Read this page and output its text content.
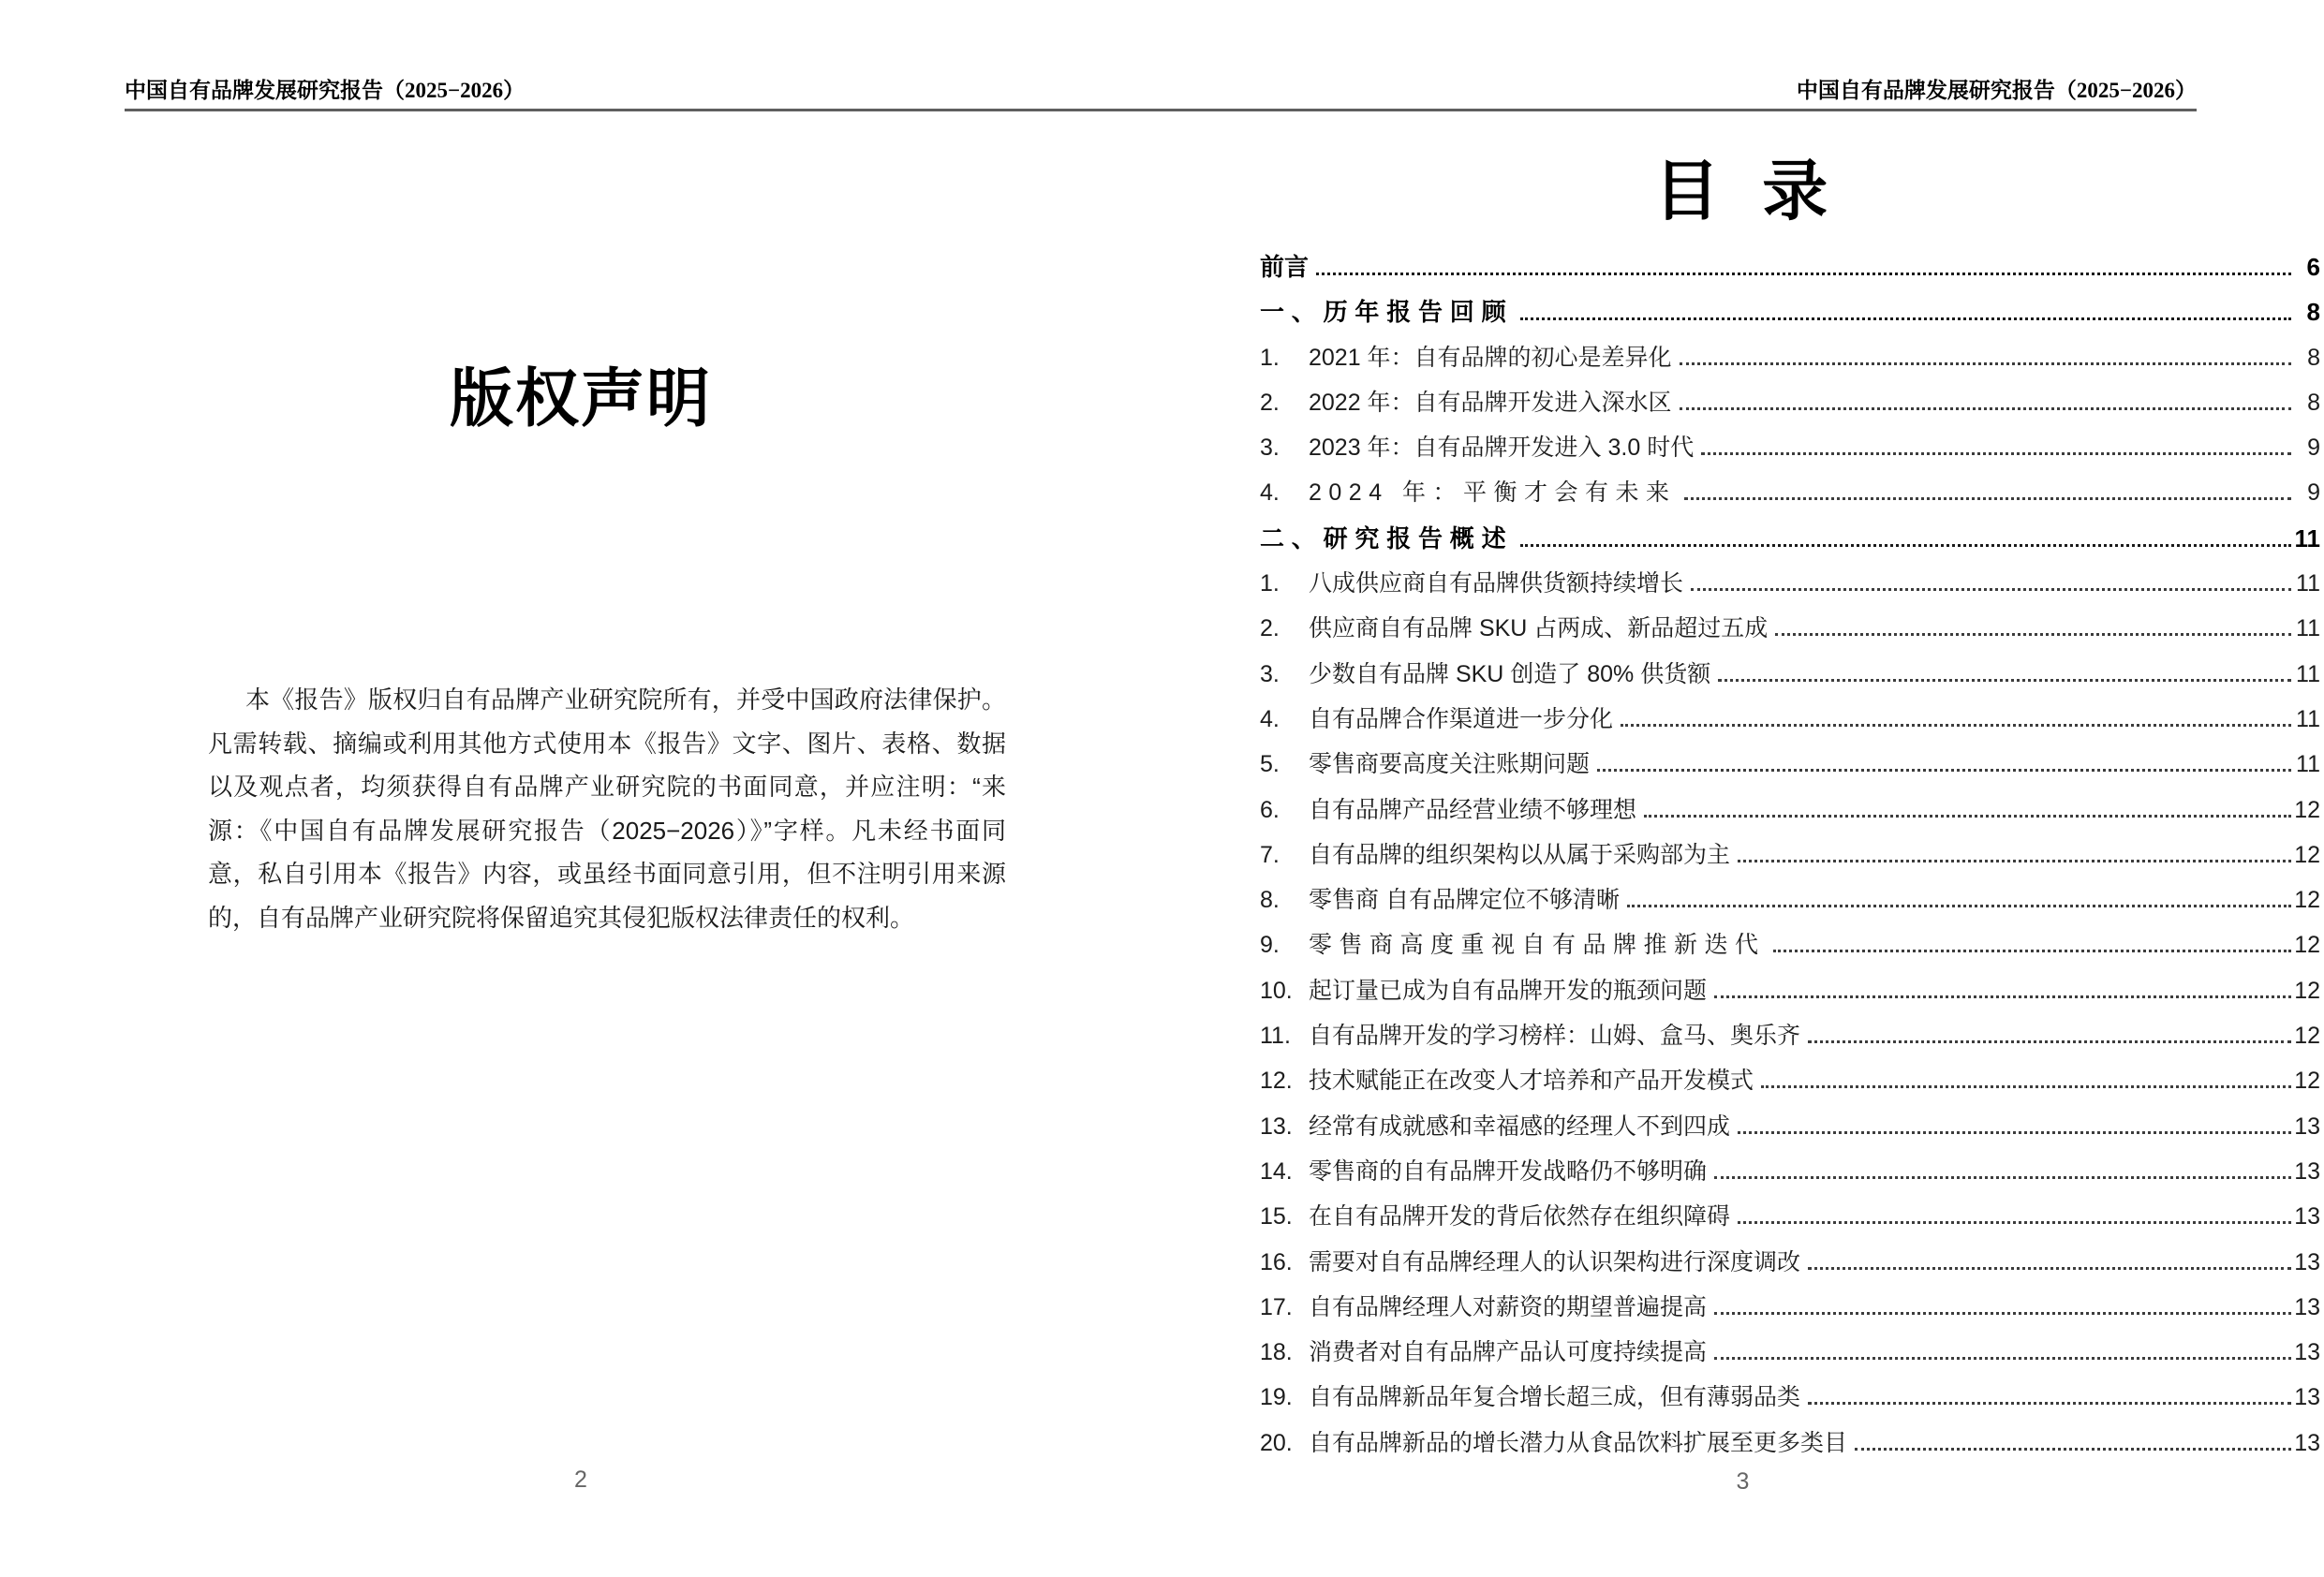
中国自有品牌发展研究报告（2025−2026）	中国自有品牌发展研究报告（2025−2026）
版权声明

本《报告》版权归自有品牌产业研究院所有，并受中国政府法律保护。凡需转载、摘编或利用其他方式使用本《报告》文字、图片、表格、数据以及观点者，均须获得自有品牌产业研究院的书面同意，并应注明：“来源：《中国自有品牌发展研究报告（2025−2026）》”字样。凡未经书面同意，私自引用本《报告》内容，或虽经书面同意引用，但不注明引用来源的，自有品牌产业研究院将保留追究其侵犯版权法律责任的权利。

2
目 录
前言	6
一、历年报告回顾	8
1.	2021 年：自有品牌的初心是差异化	8
2.	2022 年：自有品牌开发进入深水区	8
3.	2023 年：自有品牌开发进入 3.0 时代	9
4.	2024 年：平衡才会有未来	9
二、研究报告概述	11
1.	八成供应商自有品牌供货额持续增长	11
2.	供应商自有品牌 SKU 占两成、新品超过五成	11
3.	少数自有品牌 SKU 创造了 80% 供货额	11
4.	自有品牌合作渠道进一步分化	11
5.	零售商要高度关注账期问题	11
6.	自有品牌产品经营业绩不够理想	12
7.	自有品牌的组织架构以从属于采购部为主	12
8.	零售商 自有品牌定位不够清晰	12
9.	零售商高度重视自有品牌推新迭代	12
10. 起订量已成为自有品牌开发的瓶颈问题	12
11. 自有品牌开发的学习榜样：山姆、盒马、奥乐齐	12
12. 技术赋能正在改变人才培养和产品开发模式	12
13. 经常有成就感和幸福感的经理人不到四成	13
14. 零售商的自有品牌开发战略仍不够明确	13
15. 在自有品牌开发的背后依然存在组织障碍	13
16. 需要对自有品牌经理人的认识架构进行深度调改	13
17. 自有品牌经理人对薪资的期望普遍提高	13
18. 消费者对自有品牌产品认可度持续提高	13
19. 自有品牌新品年复合增长超三成，但有薄弱品类	13
20. 自有品牌新品的增长潜力从食品饮料扩展至更多类目	13
3
